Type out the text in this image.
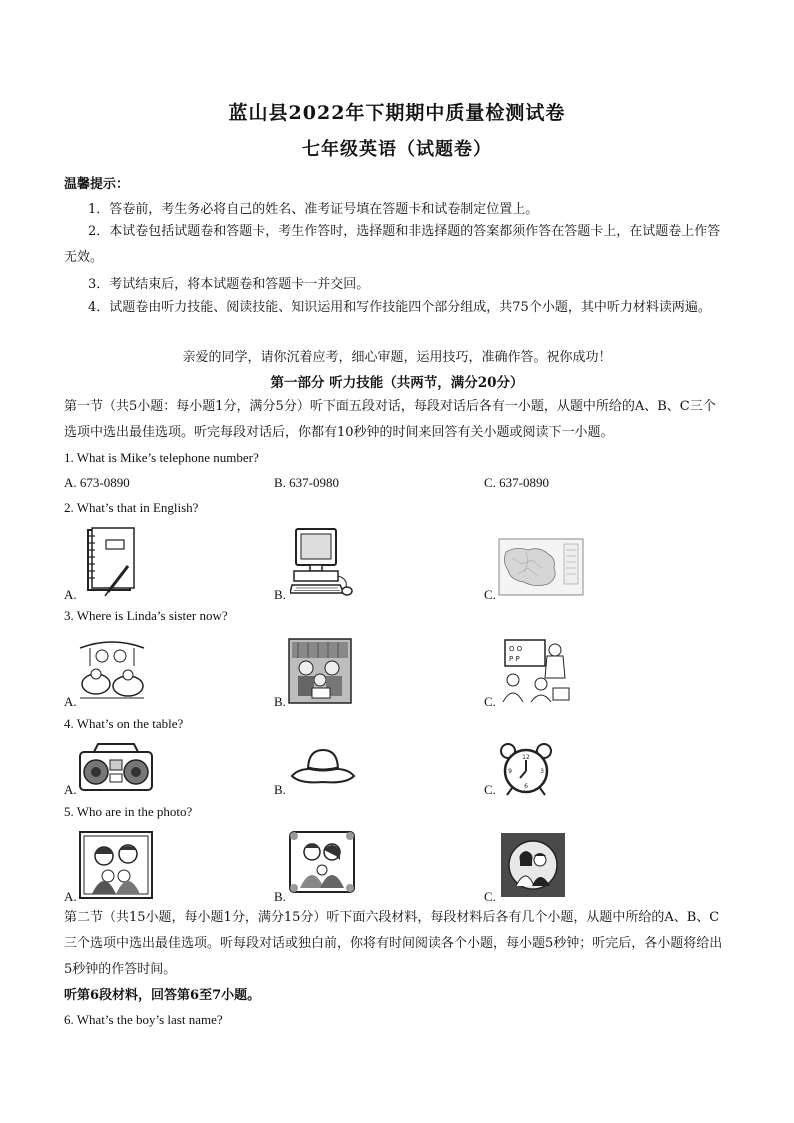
蓝山县2022年下期期中质量检测试卷
七年级英语（试题卷）
温馨提示：
1．答卷前，考生务必将自己的姓名、准考证号填在答题卡和试卷制定位置上。
2．本试卷包括试题卷和答题卡，考生作答时，选择题和非选择题的答案都须作答在答题卡上，在试题卷上作答无效。
3．考试结束后，将本试题卷和答题卡一并交回。
4．试题卷由听力技能、阅读技能、知识运用和写作技能四个部分组成，共75个小题，其中听力材料读两遍。
亲爱的同学，请你沉着应考，细心审题，运用技巧，准确作答。祝你成功！
第一部分 听力技能（共两节，满分20分）
第一节（共5小题：每小题1分，满分5分）听下面五段对话，每段对话后各有一小题，从题中所给的A、B、C三个选项中选出最佳选项。听完每段对话后，你都有10秒钟的时间来回答有关小题或阅读下一小题。
1. What is Mike’s telephone number?
A. 673-0890	B. 637-0980	C. 637-0890
2. What’s that in English?
A.	B.	C.
3. Where is Linda’s sister now?
A.	B.	C.
O O
P P
4. What’s on the table?
A.	B.	C.
12
3
6
9
5. Who are in the photo?
A.	B.	C.
第二节（共15小题，每小题1分，满分15分）听下面六段材料，每段材料后各有几个小题，从题中所给的A、B、C三个选项中选出最佳选项。听每段对话或独白前，你将有时间阅读各个小题，每小题5秒钟；听完后，各小题将给出5秒钟的作答时间。
听第6段材料，回答第6至7小题。
6. What’s the boy’s last name?
